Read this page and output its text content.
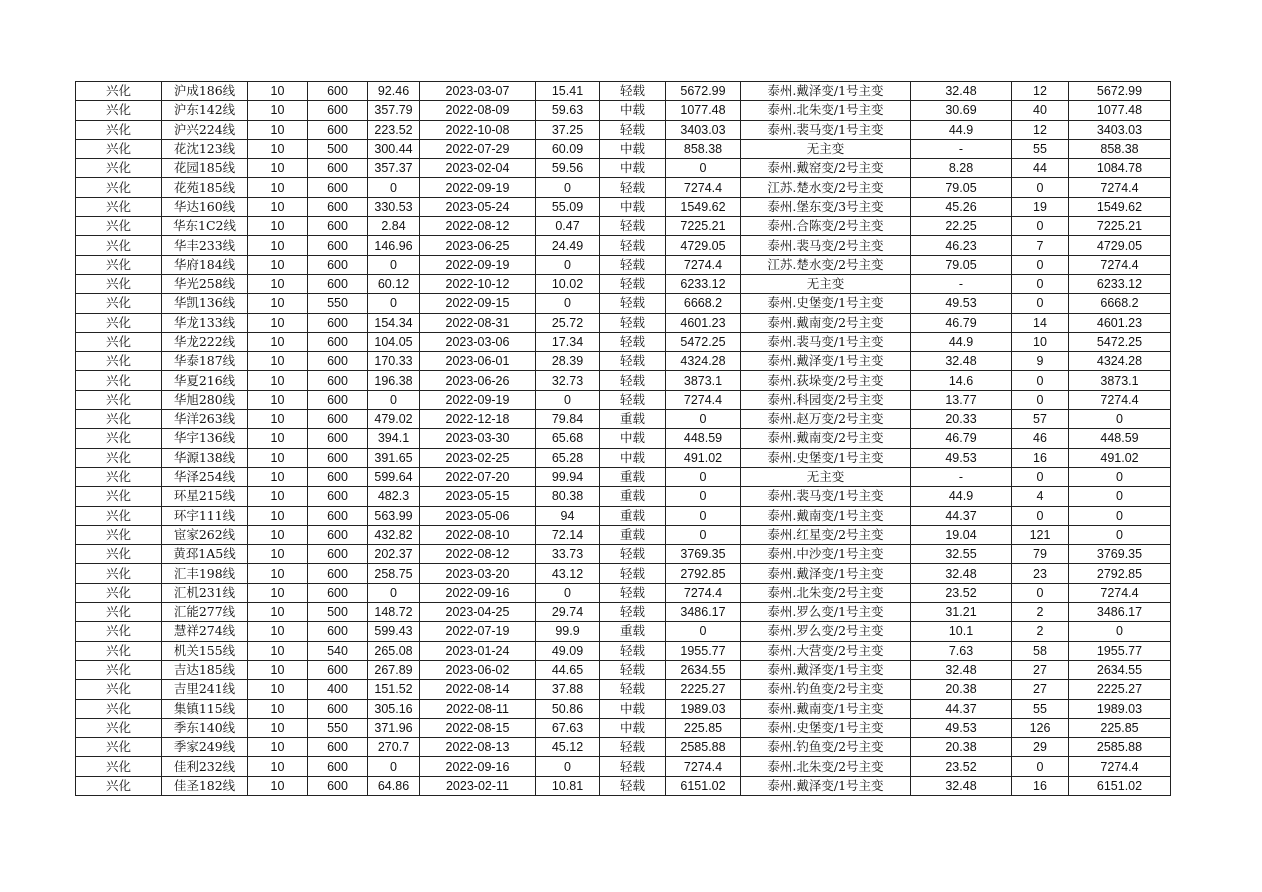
兴化	沪成186线	10	600	92.46	2023-03-07	15.41	轻载	5672.99	泰州.戴泽变/1号主变	32.48	12	5672.99
兴化	沪东142线	10	600	357.79	2022-08-09	59.63	中载	1077.48	泰州.北朱变/1号主变	30.69	40	1077.48
兴化	沪兴224线	10	600	223.52	2022-10-08	37.25	轻载	3403.03	泰州.裴马变/1号主变	44.9	12	3403.03
兴化	花沈123线	10	500	300.44	2022-07-29	60.09	中载	858.38	无主变	-	55	858.38
兴化	花园185线	10	600	357.37	2023-02-04	59.56	中载	0	泰州.戴窑变/2号主变	8.28	44	1084.78
兴化	花苑185线	10	600	0	2022-09-19	0	轻载	7274.4	江苏.楚水变/2号主变	79.05	0	7274.4
兴化	华达160线	10	600	330.53	2023-05-24	55.09	中载	1549.62	泰州.堡东变/3号主变	45.26	19	1549.62
兴化	华东1C2线	10	600	2.84	2022-08-12	0.47	轻载	7225.21	泰州.合陈变/2号主变	22.25	0	7225.21
兴化	华丰233线	10	600	146.96	2023-06-25	24.49	轻载	4729.05	泰州.裴马变/2号主变	46.23	7	4729.05
兴化	华府184线	10	600	0	2022-09-19	0	轻载	7274.4	江苏.楚水变/2号主变	79.05	0	7274.4
兴化	华光258线	10	600	60.12	2022-10-12	10.02	轻载	6233.12	无主变	-	0	6233.12
兴化	华凯136线	10	550	0	2022-09-15	0	轻载	6668.2	泰州.史堡变/1号主变	49.53	0	6668.2
兴化	华龙133线	10	600	154.34	2022-08-31	25.72	轻载	4601.23	泰州.戴南变/2号主变	46.79	14	4601.23
兴化	华龙222线	10	600	104.05	2023-03-06	17.34	轻载	5472.25	泰州.裴马变/1号主变	44.9	10	5472.25
兴化	华泰187线	10	600	170.33	2023-06-01	28.39	轻载	4324.28	泰州.戴泽变/1号主变	32.48	9	4324.28
兴化	华夏216线	10	600	196.38	2023-06-26	32.73	轻载	3873.1	泰州.荻垛变/2号主变	14.6	0	3873.1
兴化	华旭280线	10	600	0	2022-09-19	0	轻载	7274.4	泰州.科园变/2号主变	13.77	0	7274.4
兴化	华洋263线	10	600	479.02	2022-12-18	79.84	重载	0	泰州.赵万变/2号主变	20.33	57	0
兴化	华宇136线	10	600	394.1	2023-03-30	65.68	中载	448.59	泰州.戴南变/2号主变	46.79	46	448.59
兴化	华源138线	10	600	391.65	2023-02-25	65.28	中载	491.02	泰州.史堡变/1号主变	49.53	16	491.02
兴化	华泽254线	10	600	599.64	2022-07-20	99.94	重载	0	无主变	-	0	0
兴化	环星215线	10	600	482.3	2023-05-15	80.38	重载	0	泰州.裴马变/1号主变	44.9	4	0
兴化	环宇111线	10	600	563.99	2023-05-06	94	重载	0	泰州.戴南变/1号主变	44.37	0	0
兴化	宦家262线	10	600	432.82	2022-08-10	72.14	重载	0	泰州.红星变/2号主变	19.04	121	0
兴化	黄邳1A5线	10	600	202.37	2022-08-12	33.73	轻载	3769.35	泰州.中沙变/1号主变	32.55	79	3769.35
兴化	汇丰198线	10	600	258.75	2023-03-20	43.12	轻载	2792.85	泰州.戴泽变/1号主变	32.48	23	2792.85
兴化	汇机231线	10	600	0	2022-09-16	0	轻载	7274.4	泰州.北朱变/2号主变	23.52	0	7274.4
兴化	汇能277线	10	500	148.72	2023-04-25	29.74	轻载	3486.17	泰州.罗么变/1号主变	31.21	2	3486.17
兴化	慧祥274线	10	600	599.43	2022-07-19	99.9	重载	0	泰州.罗么变/2号主变	10.1	2	0
兴化	机关155线	10	540	265.08	2023-01-24	49.09	轻载	1955.77	泰州.大营变/2号主变	7.63	58	1955.77
兴化	吉达185线	10	600	267.89	2023-06-02	44.65	轻载	2634.55	泰州.戴泽变/1号主变	32.48	27	2634.55
兴化	吉里241线	10	400	151.52	2022-08-14	37.88	轻载	2225.27	泰州.钓鱼变/2号主变	20.38	27	2225.27
兴化	集镇115线	10	600	305.16	2022-08-11	50.86	中载	1989.03	泰州.戴南变/1号主变	44.37	55	1989.03
兴化	季东140线	10	550	371.96	2022-08-15	67.63	中载	225.85	泰州.史堡变/1号主变	49.53	126	225.85
兴化	季家249线	10	600	270.7	2022-08-13	45.12	轻载	2585.88	泰州.钓鱼变/2号主变	20.38	29	2585.88
兴化	佳利232线	10	600	0	2022-09-16	0	轻载	7274.4	泰州.北朱变/2号主变	23.52	0	7274.4
兴化	佳圣182线	10	600	64.86	2023-02-11	10.81	轻载	6151.02	泰州.戴泽变/1号主变	32.48	16	6151.02
